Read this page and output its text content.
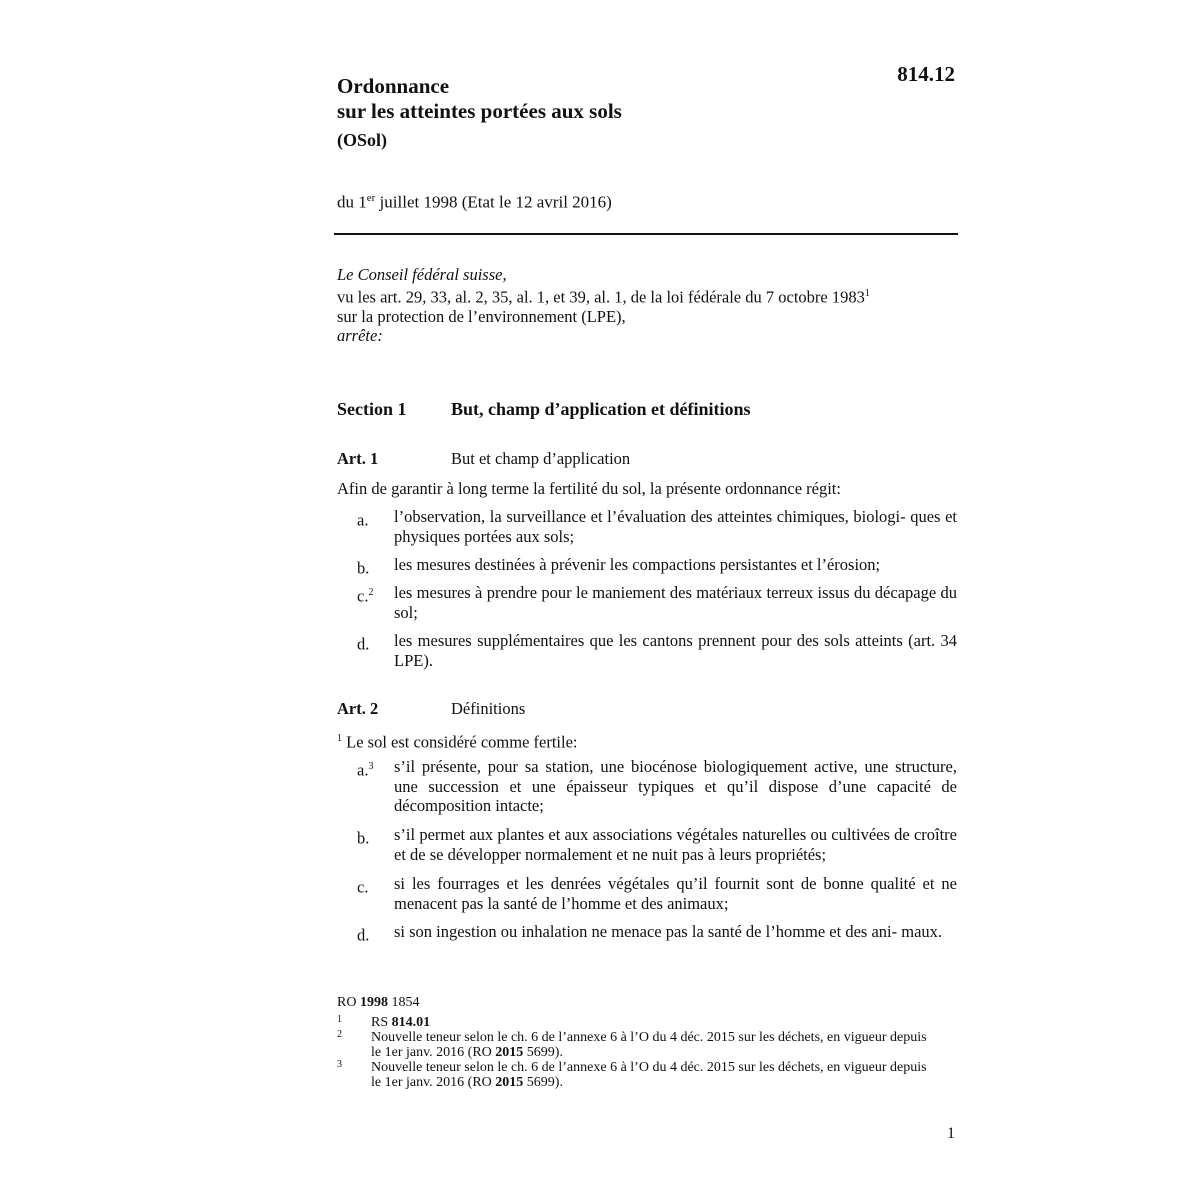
814.12
Ordonnance
sur les atteintes portées aux sols
(OSol)
du 1er juillet 1998 (Etat le 12 avril 2016)
Le Conseil fédéral suisse,
vu les art. 29, 33, al. 2, 35, al. 1, et 39, al. 1, de la loi fédérale du 7 octobre 1983$^1$
sur la protection de l’environnement (LPE),
arrête:
Section 1 But, champ d’application et définitions
Art. 1	But et champ d’application
Afin de garantir à long terme la fertilité du sol, la présente ordonnance régit:
a.	l’observation, la surveillance et l’évaluation des atteintes chimiques, biologi- ques et physiques portées aux sols;
b.	les mesures destinées à prévenir les compactions persistantes et l’érosion;
c.$^2$	les mesures à prendre pour le maniement des matériaux terreux issus du décapage du sol;
d.	les mesures supplémentaires que les cantons prennent pour des sols atteints (art. 34 LPE).
Art. 2	Définitions
$^1$ Le sol est considéré comme fertile:
a.$^3$	s’il présente, pour sa station, une biocénose biologiquement active, une structure, une succession et une épaisseur typiques et qu’il dispose d’une capacité de décomposition intacte;
b.	s’il permet aux plantes et aux associations végétales naturelles ou cultivées de croître et de se développer normalement et ne nuit pas à leurs propriétés;
c.	si les fourrages et les denrées végétales qu’il fournit sont de bonne qualité et ne menacent pas la santé de l’homme et des animaux;
d.	si son ingestion ou inhalation ne menace pas la santé de l’homme et des ani- maux.
RO 1998 1854
1 RS 814.01
2 Nouvelle teneur selon le ch. 6 de l’annexe 6 à l’O du 4 déc. 2015 sur les déchets, en vigueur depuis le 1er janv. 2016 (RO 2015 5699).
3 Nouvelle teneur selon le ch. 6 de l’annexe 6 à l’O du 4 déc. 2015 sur les déchets, en vigueur depuis le 1er janv. 2016 (RO 2015 5699).
1
